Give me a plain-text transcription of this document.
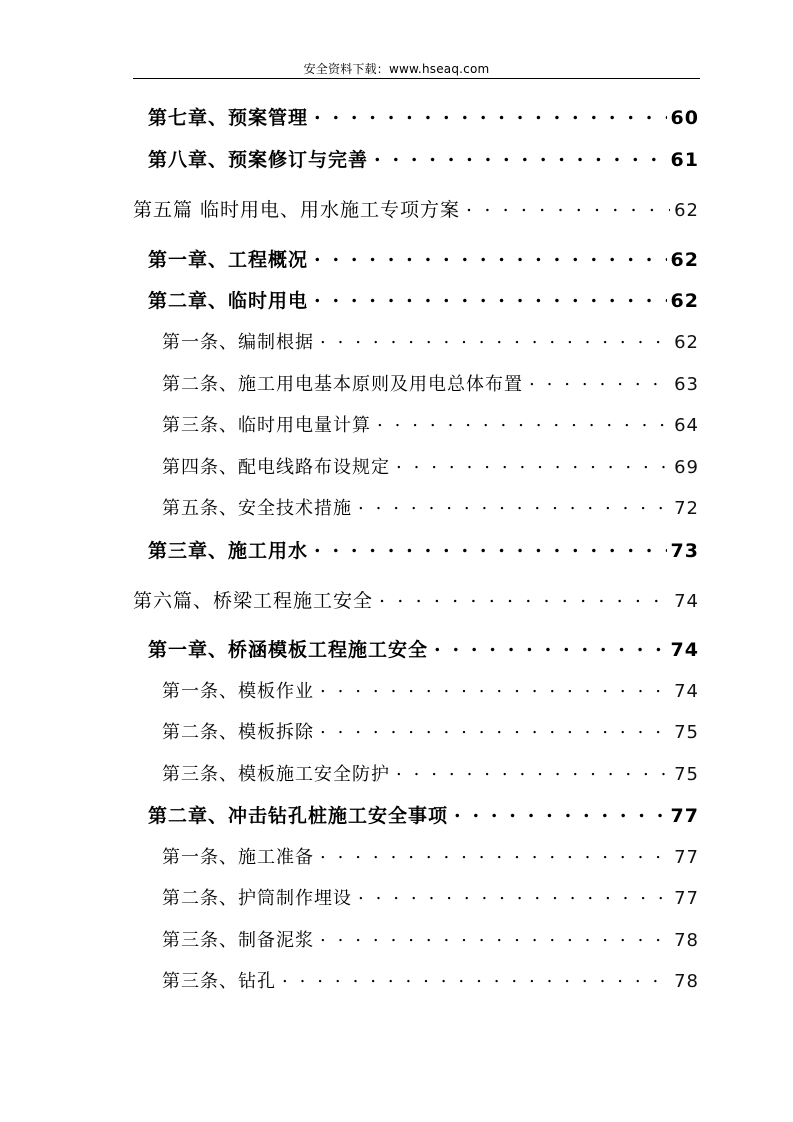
安全资料下载：www.hseaq.com
第七章、预案管理 . . .	60
第八章、预案修订与完善 . . .	61
第五篇 临时用电、用水施工专项方案 . . .	62
第一章、工程概况 . . .	62
第二章、临时用电 . . .	62
第一条、编制根据 . . .	62
第二条、施工用电基本原则及用电总体布置 . . .	63
第三条、临时用电量计算 . . .	64
第四条、配电线路布设规定 . . .	69
第五条、安全技术措施 . . .	72
第三章、施工用水 . . .	73
第六篇、桥梁工程施工安全 . . .	74
第一章、桥涵模板工程施工安全 . . .	74
第一条、模板作业 . . .	74
第二条、模板拆除 . . .	75
第三条、模板施工安全防护 . . .	75
第二章、冲击钻孔桩施工安全事项 . . .	77
第一条、施工准备 . . .	77
第二条、护筒制作埋设 . . .	77
第三条、制备泥浆 . . .	78
第三条、钻孔 . . .	78
